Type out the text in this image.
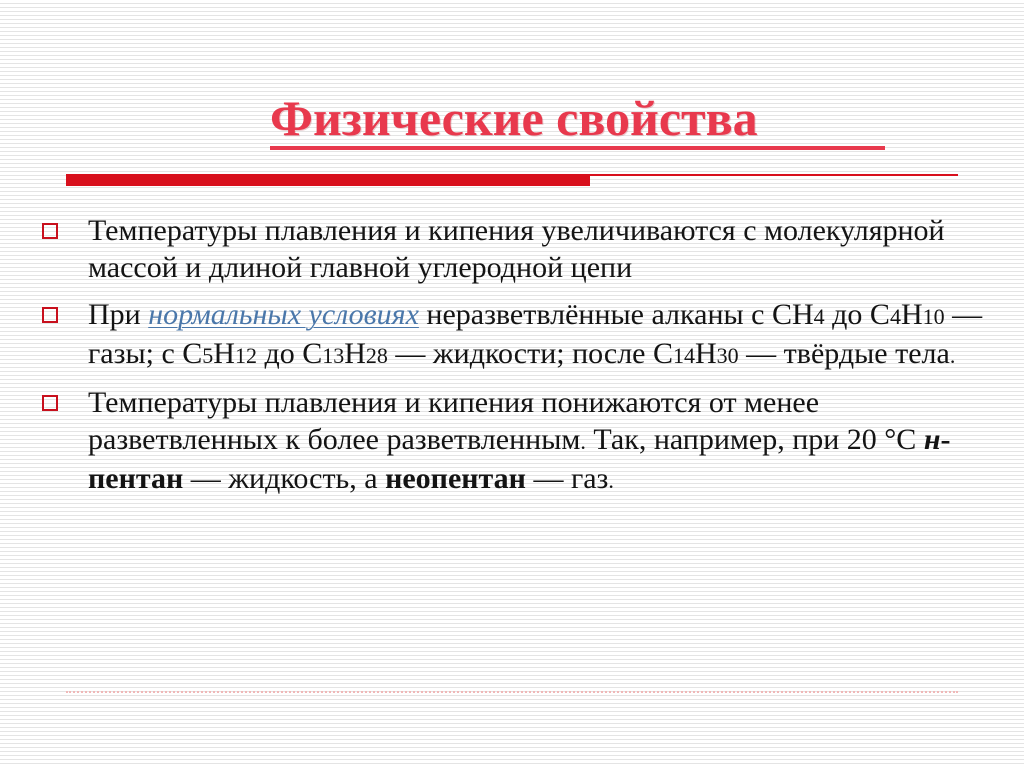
Физические свойства
Температуры плавления и кипения увеличиваются с молекулярной массой и длиной главной углеродной цепи
При нормальных условиях неразветвлённые алканы с CH4 до C4H10 — газы; с C5H12 до C13H28 — жидкости; после C14H30 — твёрдые тела.
Температуры плавления и кипения понижаются от менее разветвленных к более разветвленным. Так, например, при 20 °C н-пентан — жидкость, а неопентан — газ.
